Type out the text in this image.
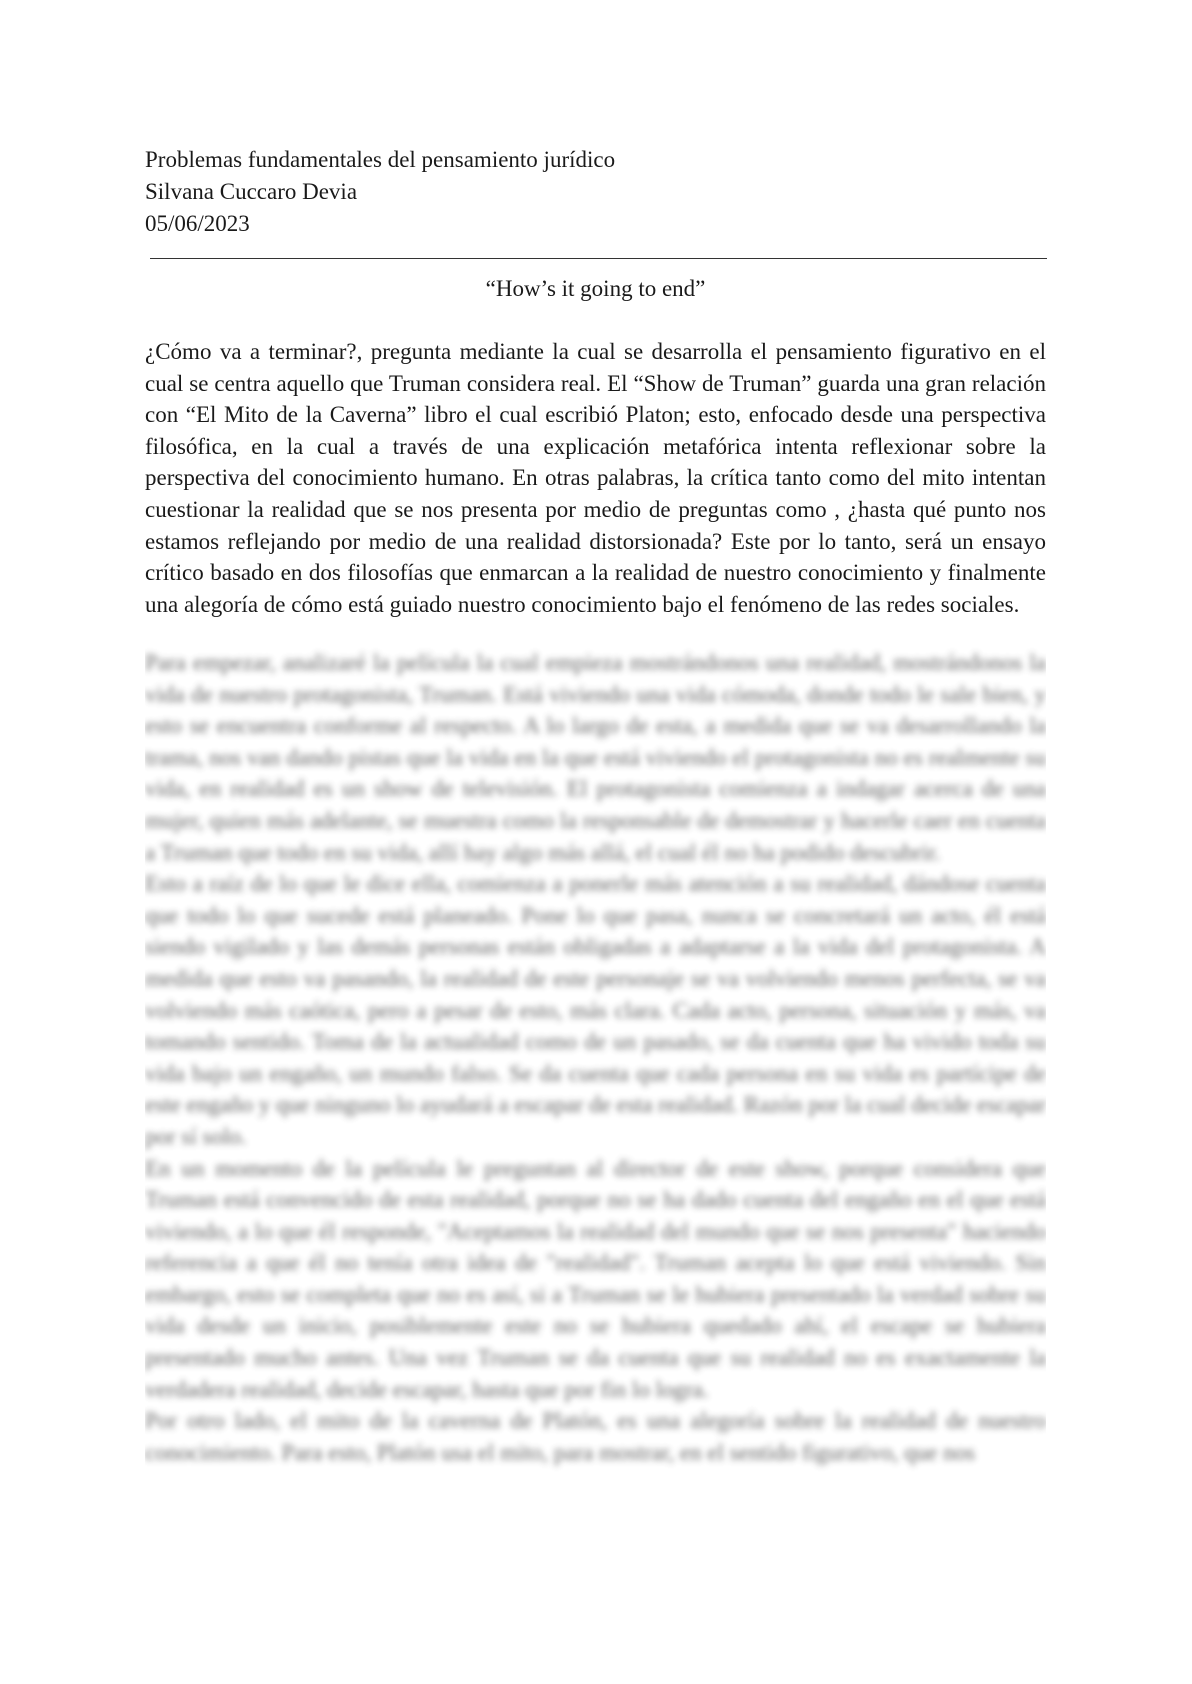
Problemas fundamentales del pensamiento jurídico
Silvana Cuccaro Devia
05/06/2023
“How’s it going to end”

¿Cómo va a terminar?, pregunta mediante la cual se desarrolla el pensamiento figurativo en el cual se centra aquello que Truman considera real. El “Show de Truman” guarda una gran relación con “El Mito de la Caverna” libro el cual escribió Platon; esto, enfocado desde una perspectiva filosófica, en la cual a través de una explicación metafórica intenta reflexionar sobre la perspectiva del conocimiento humano. En otras palabras, la crítica tanto como del mito intentan cuestionar la realidad que se nos presenta por medio de preguntas como , ¿hasta qué punto nos estamos reflejando por medio de una realidad distorsionada? Este por lo tanto, será un ensayo crítico basado en dos filosofías que enmarcan a la realidad de nuestro conocimiento y finalmente una alegoría de cómo está guiado nuestro conocimiento bajo el fenómeno de las redes sociales.

Para empezar, analizaré la película la cual empieza mostrándonos una realidad, mostrándonos la vida de nuestro protagonista, Truman. Está viviendo una vida cómoda, donde todo le sale bien, y esto se encuentra conforme al respecto. A lo largo de esta, a medida que se va desarrollando la trama, nos van dando pistas que la vida en la que está viviendo el protagonista no es realmente su vida, en realidad es un show de televisión. El protagonista comienza a indagar acerca de una mujer, quien más adelante, se muestra como la responsable de demostrar y hacerle caer en cuenta a Truman que todo en su vida, allí hay algo más allá, el cual él no ha podido descubrir.

Esto a raíz de lo que le dice ella, comienza a ponerle más atención a su realidad, dándose cuenta que todo lo que sucede está planeado. Pone lo que pasa, nunca se concretará un acto, él está siendo vigilado y las demás personas están obligadas a adaptarse a la vida del protagonista. A medida que esto va pasando, la realidad de este personaje se va volviendo menos perfecta, se va volviendo más caótica, pero a pesar de esto, más clara. Cada acto, persona, situación y más, va tomando sentido. Toma de la actualidad como de un pasado, se da cuenta que ha vivido toda su vida bajo un engaño, un mundo falso. Se da cuenta que cada persona en su vida es partícipe de este engaño y que ninguno lo ayudará a escapar de esta realidad. Razón por la cual decide escapar por sí solo.

En un momento de la película le preguntan al director de este show, porque considera que Truman está convencido de esta realidad, porque no se ha dado cuenta del engaño en el que está viviendo, a lo que él responde, "Aceptamos la realidad del mundo que se nos presenta" haciendo referencia a que él no tenía otra idea de "realidad". Truman acepta lo que está viviendo. Sin embargo, esto se completa que no es así, si a Truman se le hubiera presentado la verdad sobre su vida desde un inicio, posiblemente este no se hubiera quedado ahí, el escape se hubiera presentado mucho antes. Una vez Truman se da cuenta que su realidad no es exactamente la verdadera realidad, decide escapar, hasta que por fin lo logra.

Por otro lado, el mito de la caverna de Platón, es una alegoría sobre la realidad de nuestro conocimiento. Para esto, Platón usa el mito, para mostrar, en el sentido figurativo, que nos
